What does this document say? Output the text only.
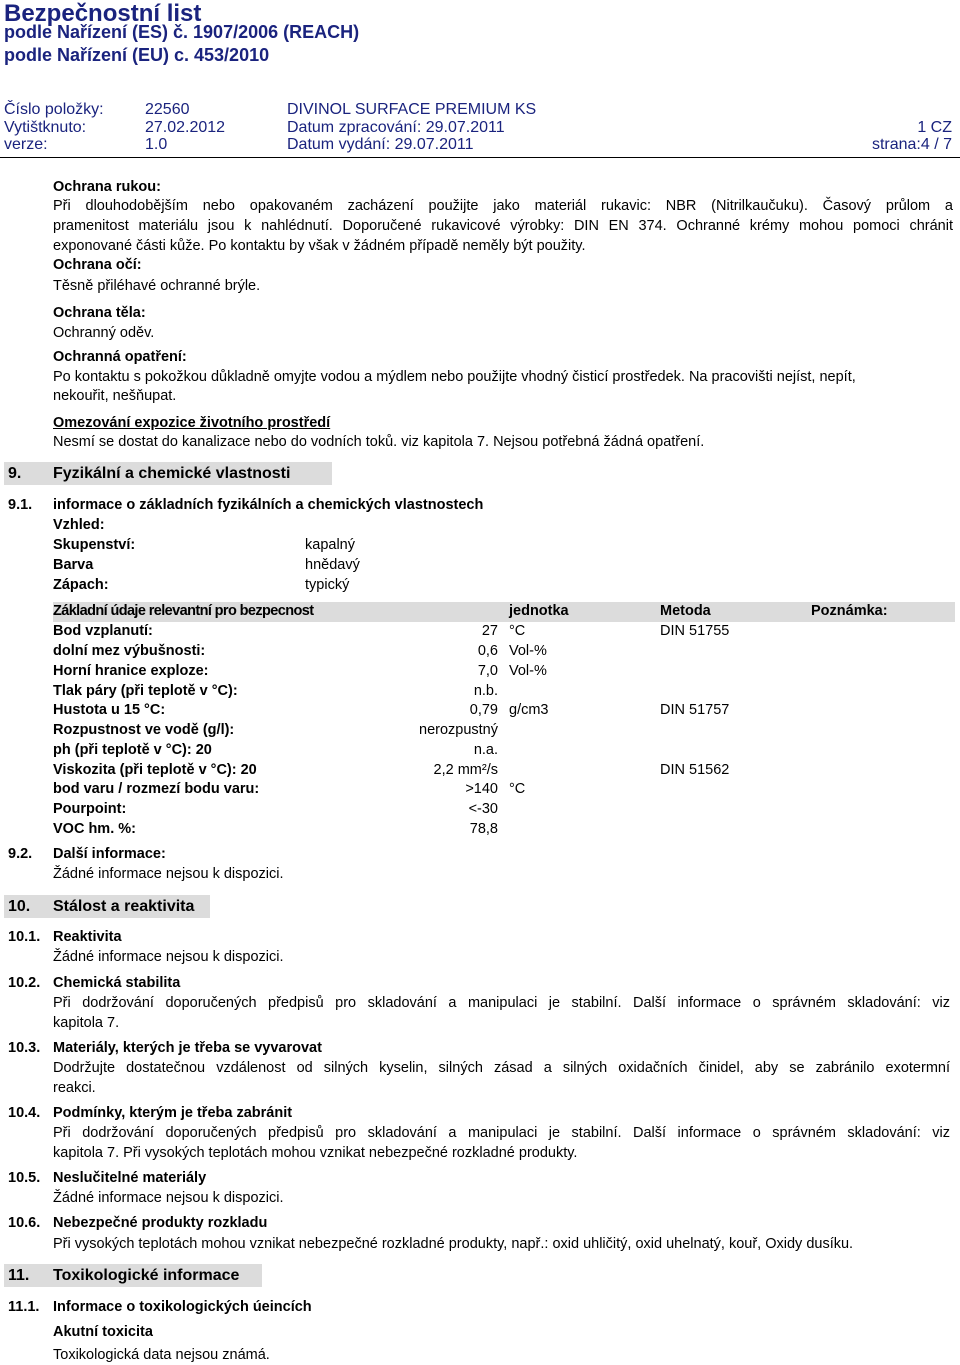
Bezpečnostní list
podle Nařízení (ES) č. 1907/2006 (REACH)
podle Nařízení (EU) c. 453/2010
Číslo položky:	22560	DIVINOL SURFACE PREMIUM KS
Vytištknuto:	27.02.2012	Datum zpracování: 29.07.2011	1 CZ
verze:	1.0	Datum vydání: 29.07.2011	strana:4 / 7
Ochrana rukou:
Při dlouhodobějším nebo opakovaném zacházení použijte jako materiál rukavic: NBR (Nitrilkaučuku). Časový průlom a
pramenitost materiálu jsou k nahlédnutí. Doporučené rukavicové výrobky: DIN EN 374. Ochranné krémy mohou pomoci chránit
exponované části kůže. Po kontaktu by však v žádném případě neměly být použity.
Ochrana očí:
Těsně přiléhavé ochranné brýle.
Ochrana těla:
Ochranný oděv.
Ochranná opatření:
Po kontaktu s pokožkou důkladně omyjte vodou a mýdlem nebo použijte vhodný čisticí prostředek. Na pracovišti nejíst, nepít,
nekouřit, nešňupat.
Omezování expozice životního prostředí
Nesmí se dostat do kanalizace nebo do vodních toků. viz kapitola 7. Nejsou potřebná žádná opatření.
9. Fyzikální a chemické vlastnosti
9.1. informace o základních fyzikálních a chemických vlastnostech
Vzhled:
Skupenství:	kapalný
Barva	hnědavý
Zápach:	typický
Základní údaje relevantní pro bezpecnost	jednotka	Metoda	Poznámka:
Bod vzplanutí:	27 °C	DIN 51755
dolní mez výbušnosti:	0,6 Vol-%
Horní hranice exploze:	7,0 Vol-%
Tlak páry (při teplotě v °C):	n.b.
Hustota u 15 °C:	0,79 g/cm3	DIN 51757
Rozpustnost ve vodě (g/l):	nerozpustný
ph (při teplotě v °C): 20	n.a.
Viskozita (při teplotě v °C): 20	2,2 mm²/s	DIN 51562
bod varu / rozmezí bodu varu:	>140 °C
Pourpoint:	<-30
VOC hm. %:	78,8
9.2. Další informace:
Žádné informace nejsou k dispozici.
10. Stálost a reaktivita
10.1. Reaktivita
Žádné informace nejsou k dispozici.
10.2. Chemická stabilita
Při dodržování doporučených předpisů pro skladování a manipulaci je stabilní. Další informace o správném skladování: viz
kapitola 7.
10.3. Materiály, kterých je třeba se vyvarovat
Dodržujte dostatečnou vzdálenost od silných kyselin, silných zásad a silných oxidačních činidel, aby se zabránilo exotermní
reakci.
10.4. Podmínky, kterým je třeba zabránit
Při dodržování doporučených předpisů pro skladování a manipulaci je stabilní. Další informace o správném skladování: viz
kapitola 7. Při vysokých teplotách mohou vznikat nebezpečné rozkladné produkty.
10.5. Neslučitelné materiály
Žádné informace nejsou k dispozici.
10.6. Nebezpečné produkty rozkladu
Při vysokých teplotách mohou vznikat nebezpečné rozkladné produkty, např.: oxid uhličitý, oxid uhelnatý, kouř, Oxidy dusíku.
11. Toxikologické informace
11.1. Informace o toxikologických úeincích
Akutní toxicita
Toxikologická data nejsou známá.
